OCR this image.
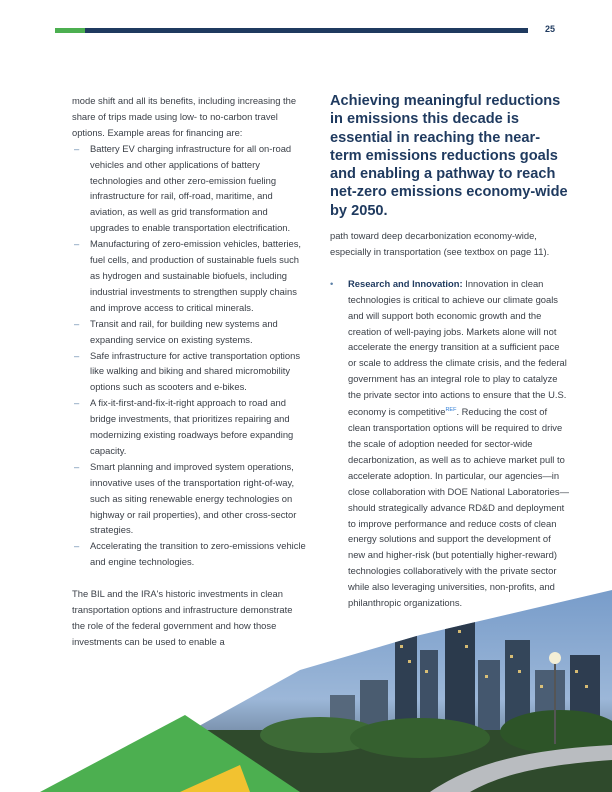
25

mode shift and all its benefits, including increasing the share of trips made using low- to no-carbon travel options. Example areas for financing are:

– Battery EV charging infrastructure for all on-road vehicles and other applications of battery technologies and other zero-emission fueling infrastructure for rail, off-road, maritime, and aviation, as well as grid transformation and upgrades to enable transportation electrification.
– Manufacturing of zero-emission vehicles, batteries, fuel cells, and production of sustainable fuels such as hydrogen and sustainable biofuels, including industrial investments to strengthen supply chains and improve access to critical minerals.
– Transit and rail, for building new systems and expanding service on existing systems.
– Safe infrastructure for active transportation options like walking and biking and shared micromobility options such as scooters and e-bikes.
– A fix-it-first-and-fix-it-right approach to road and bridge investments, that prioritizes repairing and modernizing existing roadways before expanding capacity.
– Smart planning and improved system operations, innovative uses of the transportation right-of-way, such as siting renewable energy technologies on highway or rail properties), and other cross-sector strategies.
– Accelerating the transition to zero-emissions vehicle and engine technologies.

The BIL and the IRA's historic investments in clean transportation options and infrastructure demonstrate the role of the federal government and how those investments can be used to enable a

Achieving meaningful reductions in emissions this decade is essential in reaching the near-term emissions reductions goals and enabling a pathway to reach net-zero emissions economy-wide by 2050.

path toward deep decarbonization economy-wide, especially in transportation (see textbox on page 11).

• Research and Innovation: Innovation in clean technologies is critical to achieve our climate goals and will support both economic growth and the creation of well-paying jobs. Markets alone will not accelerate the energy transition at a sufficient pace or scale to address the climate crisis, and the federal government has an integral role to play to catalyze the private sector into actions to ensure that the U.S. economy is competitive$^{REF}$. Reducing the cost of clean transportation options will be required to drive the scale of adoption needed for sector-wide decarbonization, as well as to achieve market pull to accelerate adoption. In particular, our agencies—in close collaboration with DOE National Laboratories—should strategically advance RD&D and deployment to improve performance and reduce costs of clean energy solutions and support the development of new and higher-risk (but potentially higher-reward) technologies collaboratively with the private sector while also leveraging universities, non-profits, and philanthropic organizations.
